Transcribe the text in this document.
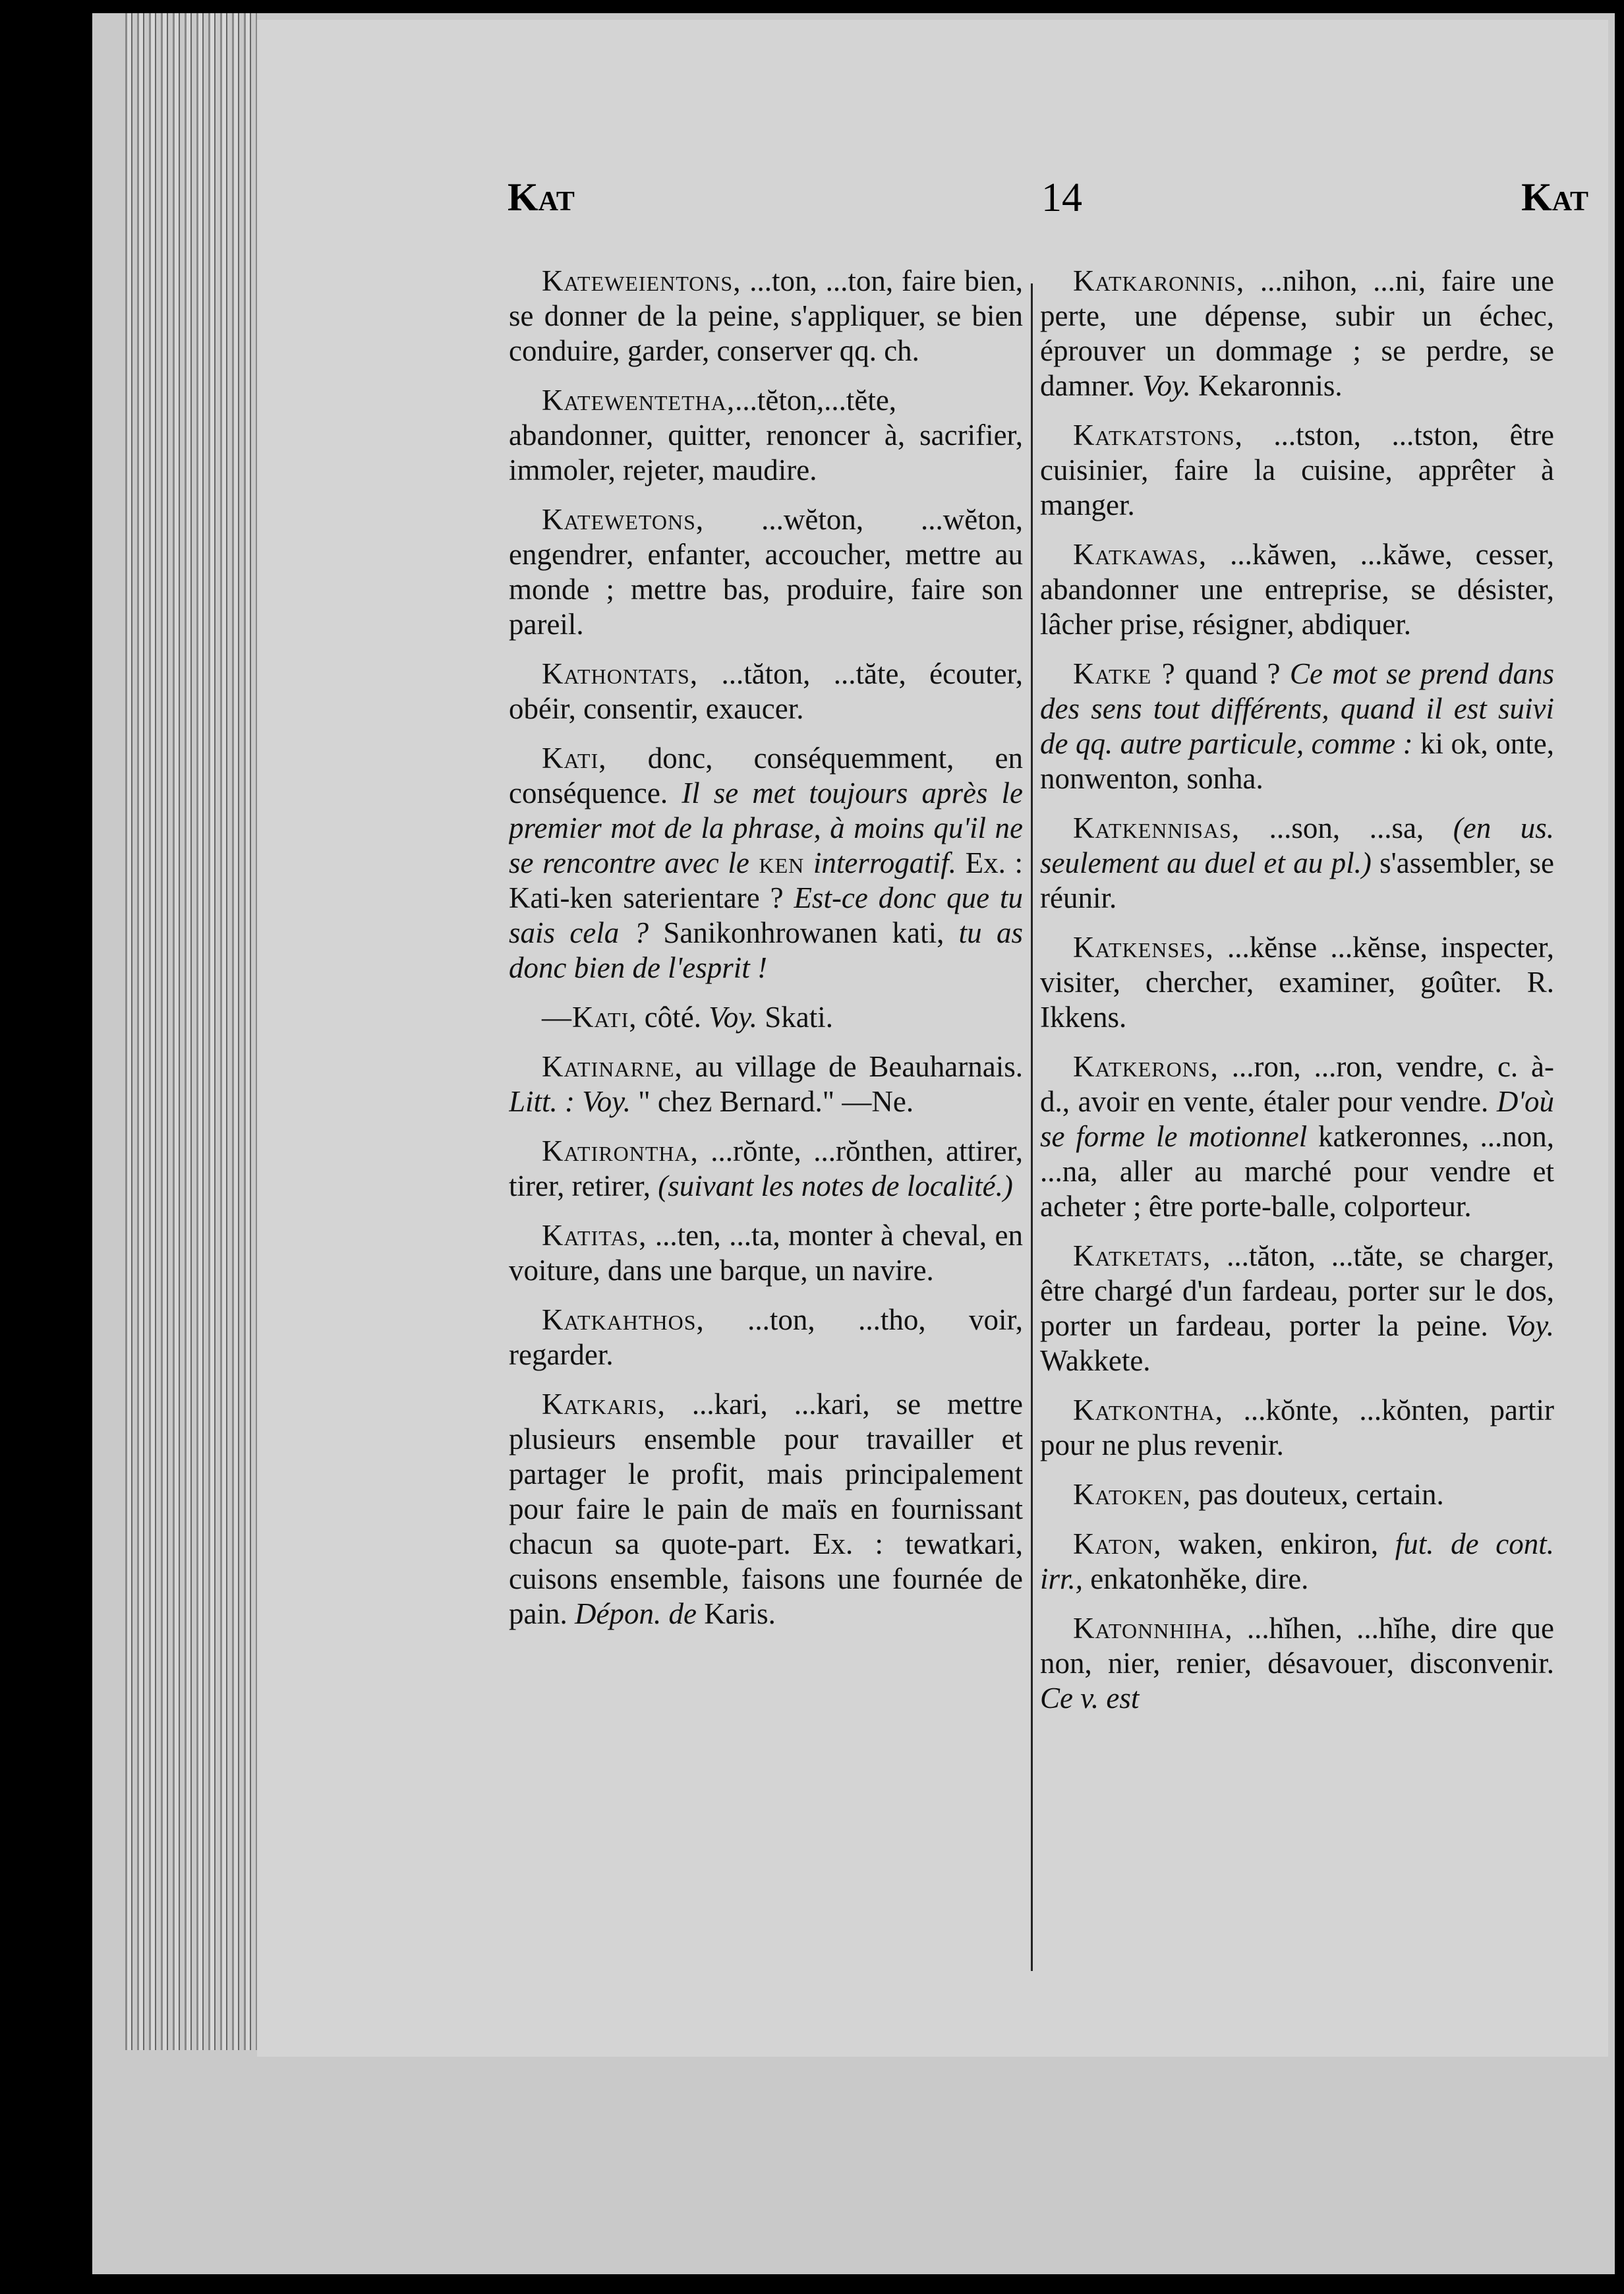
Kat	14	Kat

Katewеientons, ...ton, ...ton, faire bien, se donner de la peine, s'appliquer, se bien conduire, garder, conserver qq. ch.

Katewentetha,...tĕton,...tĕte, abandonner, quitter, renoncer à, sacrifier, immoler, rejeter, maudire.

Katewetons, ...wĕton, ...wĕton, engendrer, enfanter, accoucher, mettre au monde ; mettre bas, produire, faire son pareil.

Kathontats, ...tăton, ...tăte, écouter, obéir, consentir, exaucer.

Kati, donc, conséquemment, en conséquence. Il se met toujours après le premier mot de la phrase, à moins qu'il ne se rencontre avec le ken interrogatif. Ex. : Kati-ken saterientare ? Est-ce donc que tu sais cela ? Sanikonhrowanen kati, tu as donc bien de l'esprit !

—Kati, côté. Voy. Skati.

Katinarne, au village de Beauharnais. Litt. : Voy. " chez Bernard." —Ne.

Katirontha, ...rŏnte, ...rŏnthen, attirer, tirer, retirer, (suivant les notes de localité.)

Katitas, ...ten, ...ta, monter à cheval, en voiture, dans une barque, un navire.

Katkahthos, ...ton, ...tho, voir, regarder.

Katkaris, ...kari, ...kari, se mettre plusieurs ensemble pour travailler et partager le profit, mais principalement pour faire le pain de maïs en fournissant chacun sa quote-part. Ex. : tewatkari, cuisons ensemble, faisons une fournée de pain. Dépon. de Karis.

Katkaronnis, ...nihon, ...ni, faire une perte, une dépense, subir un échec, éprouver un dommage ; se perdre, se damner. Voy. Kekaronnis.

Katkatstons, ...tston, ...tston, être cuisinier, faire la cuisine, apprêter à manger.

Katkawas, ...kăwen, ...kăwe, cesser, abandonner une entreprise, se désister, lâcher prise, résigner, abdiquer.

Katke ? quand ? Ce mot se prend dans des sens tout différents, quand il est suivi de qq. autre particule, comme : ki ok, onte, nonwenton, sonha.

Katkennisas, ...son, ...sa, (en us. seulement au duel et au pl.) s'assembler, se réunir.

Katkenses, ...kĕnse ...kĕnse, inspecter, visiter, chercher, examiner, goûter. R. Ikkens.

Katkerons, ...ron, ...ron, vendre, c. à-d., avoir en vente, étaler pour vendre. D'où se forme le motionnel katkeronnes, ...non, ...na, aller au marché pour vendre et acheter ; être porte-balle, colporteur.

Katketats, ...tăton, ...tăte, se charger, être chargé d'un fardeau, porter sur le dos, porter un fardeau, porter la peine. Voy. Wakkete.

Katkontha, ...kŏnte, ...kŏnten, partir pour ne plus revenir.

Katoken, pas douteux, certain.

Katon, waken, enkiron, fut. de cont. irr., enkatonhĕke, dire.

Katonnhiha, ...hĭhen, ...hĭhe, dire que non, nier, renier, désavouer, disconvenir. Ce v. est
